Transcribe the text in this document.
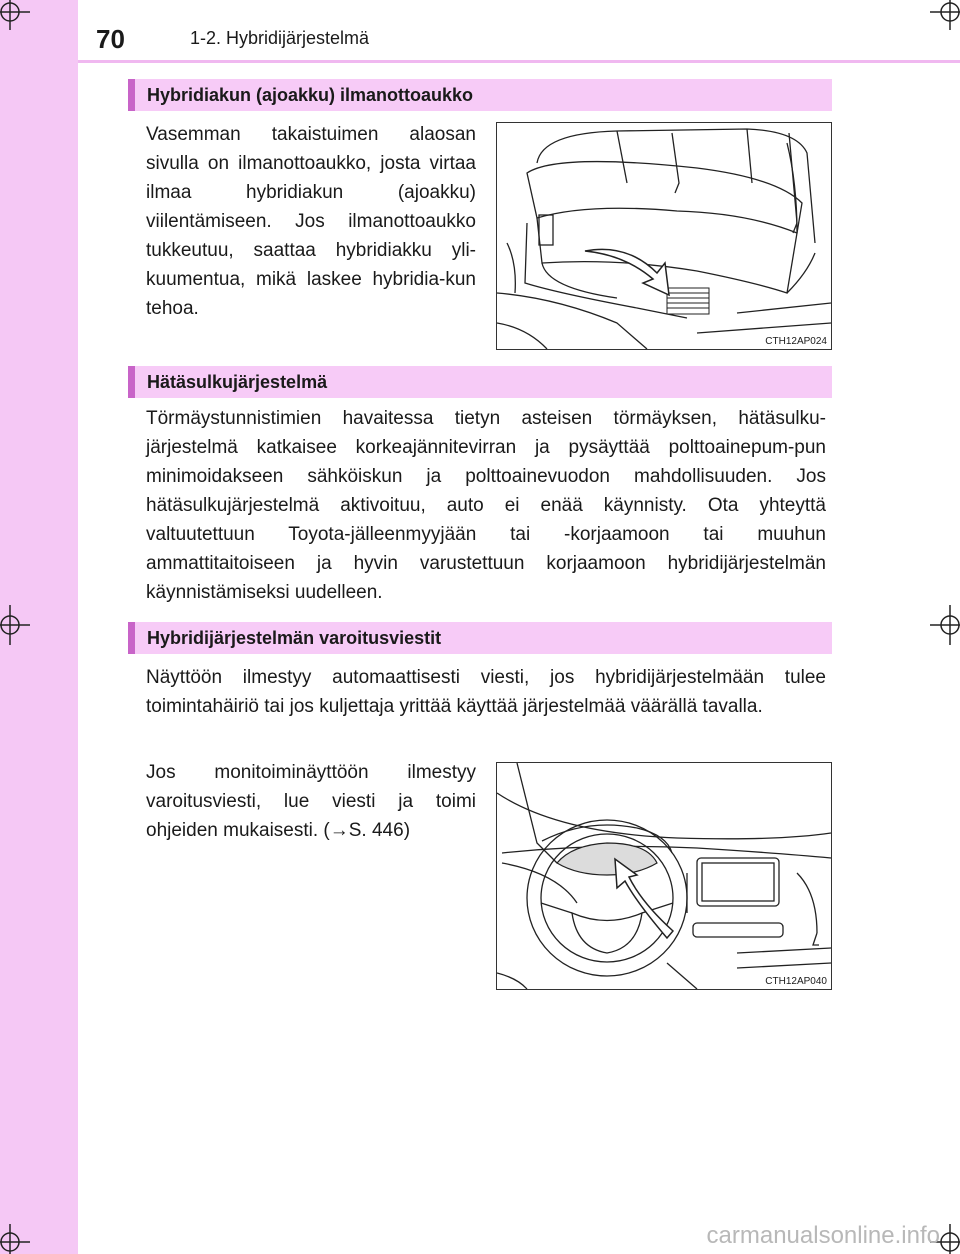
70	1-2. Hybridijärjestelmä
Hybridiakun (ajoakku) ilmanottoaukko

Vasemman takaistuimen alaosan sivulla on ilmanottoaukko, josta virtaa ilmaa hybridiakun (ajoakku) viilentämiseen. Jos ilmanottoaukko tukkeutuu, saattaa hybridiakku yli-kuumentua, mikä laskee hybridia-kun tehoa.

CTH12AP024
Hätäsulkujärjestelmä

Törmäystunnistimien havaitessa tietyn asteisen törmäyksen, hätäsulku-järjestelmä katkaisee korkeajännitevirran ja pysäyttää polttoainepum-pun minimoidakseen sähköiskun ja polttoainevuodon mahdollisuuden. Jos hätäsulkujärjestelmä aktivoituu, auto ei enää käynnisty. Ota yhteyttä valtuutettuun Toyota-jälleenmyyjään tai -korjaamoon tai muuhun ammattitaitoiseen ja hyvin varustettuun korjaamoon hybridijärjestelmän käynnistämiseksi uudelleen.

Hybridijärjestelmän varoitusviestit

Näyttöön ilmestyy automaattisesti viesti, jos hybridijärjestelmään tulee toimintahäiriö tai jos kuljettaja yrittää käyttää järjestelmää väärällä tavalla.

Jos monitoiminäyttöön ilmestyy varoitusviesti, lue viesti ja toimi ohjeiden mukaisesti. (→S. 446)

CTH12AP040
carmanualsonline.info
